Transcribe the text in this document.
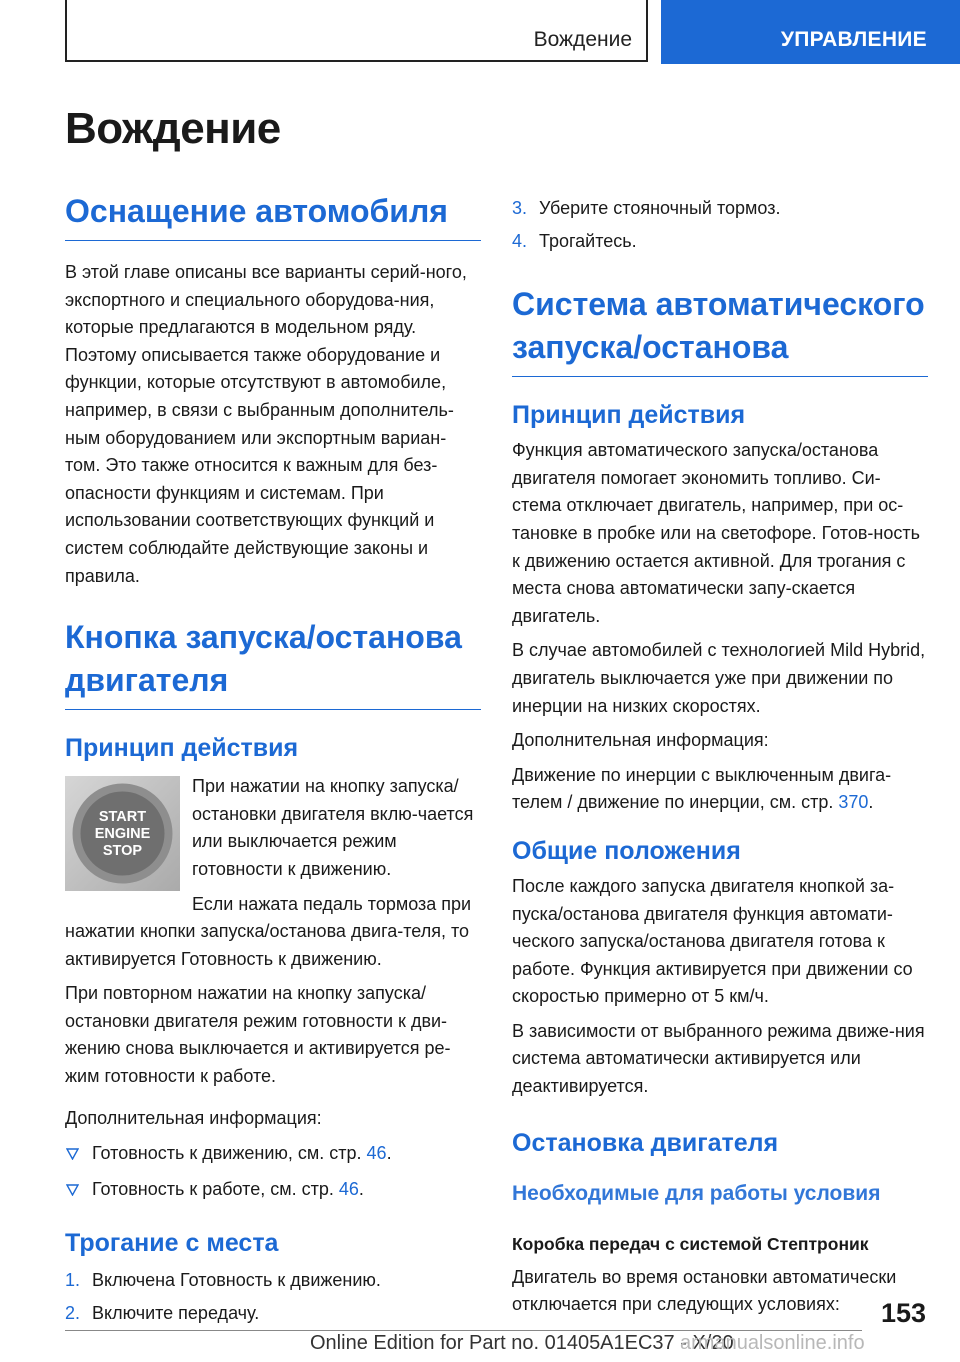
Вождение	УПРАВЛЕНИЕ
Вождение
Оснащение автомобиля

В этой главе описаны все варианты серий-ного, экспортного и специального оборудова-ния, которые предлагаются в модельном ряду. Поэтому описывается также оборудование и функции, которые отсутствуют в автомобиле, например, в связи с выбранным дополнитель-ным оборудованием или экспортным вариан-том. Это также относится к важным для без-опасности функциям и системам. При использовании соответствующих функций и систем соблюдайте действующие законы и правила.

Кнопка запуска/останова двигателя
Принцип действия
START
ENGINE
STOP

При нажатии на кнопку запуска/ остановки двигателя вклю-чается или выключается режим готовности к движению.

Если нажата педаль тормоза при нажатии кнопки запуска/останова двига-теля, то активируется Готовность к движению.

При повторном нажатии на кнопку запуска/ остановки двигателя режим готовности к дви-жению снова выключается и активируется ре-жим готовности к работе.

Дополнительная информация:

Готовность к движению, см. стр. 46.
Готовность к работе, см. стр. 46.
Трогание с места
1. Включена Готовность к движению.
2. Включите передачу.
3. Уберите стояночный тормоз.
4. Трогайтесь.
Система автоматического запуска/останова
Принцип действия

Функция автоматического запуска/останова двигателя помогает экономить топливо. Си-стема отключает двигатель, например, при ос-тановке в пробке или на светофоре. Готов-ность к движению остается активной. Для трогания с места снова автоматически запу-скается двигатель.

В случае автомобилей с технологией Mild Hybrid, двигатель выключается уже при движении по инерции на низких скоростях.

Дополнительная информация:

Движение по инерции с выключенным двига-телем / движение по инерции, см. стр. 370.

Общие положения

После каждого запуска двигателя кнопкой за-пуска/останова двигателя функция автомати-ческого запуска/останова двигателя готова к работе. Функция активируется при движении со скоростью примерно от 5 км/ч.

В зависимости от выбранного режима движе-ния система автоматически активируется или деактивируется.

Остановка двигателя
Необходимые для работы условия
Коробка передач с системой Стептроник

Двигатель во время остановки автоматически отключается при следующих условиях:	153
Online Edition for Part no. 01405A1EC37 - X/20
armanualsonline.info
